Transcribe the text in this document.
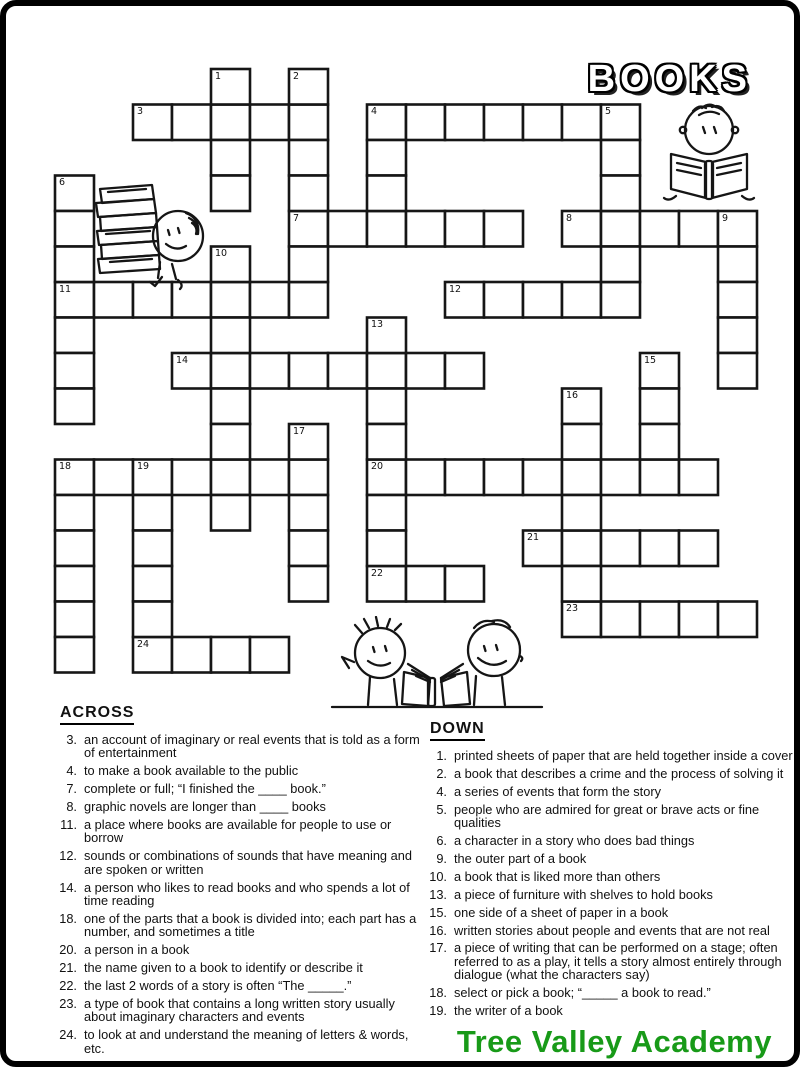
BOOKS
3	4
7	8
11	12
14
18	20
21
22
23
24
1	2
5
6
9
10
13
15
16
17
19
ACROSS
3. an account of imaginary or real events that is told as a form of entertainment
4. to make a book available to the public
7. complete or full; “I finished the ____ book.”
8. graphic novels are longer than ____ books
11. a place where books are available for people to use or borrow
12. sounds or combinations of sounds that have meaning and are spoken or written
14. a person who likes to read books and who spends a lot of time reading
18. one of the parts that a book is divided into; each part has a number, and sometimes a title
20. a person in a book
21. the name given to a book to identify or describe it
22. the last 2 words of a story is often “The _____.”
23. a type of book that contains a long written story usually about imaginary characters and events
24. to look at and understand the meaning of letters & words, etc.
DOWN
1. printed sheets of paper that are held together inside a cover
2. a book that describes a crime and the process of solving it
4. a series of events that form the story
5. people who are admired for great or brave acts or fine qualities
6. a character in a story who does bad things
9. the outer part of a book
10. a book that is liked more than others
13. a piece of furniture with shelves to hold books
15. one side of a sheet of paper in a book
16. written stories about people and events that are not real
17. a piece of writing that can be performed on a stage; often referred to as a play, it tells a story almost entirely through dialogue (what the characters say)
18. select or pick a book; “_____ a book to read.”
19. the writer of a book
Tree Valley Academy
